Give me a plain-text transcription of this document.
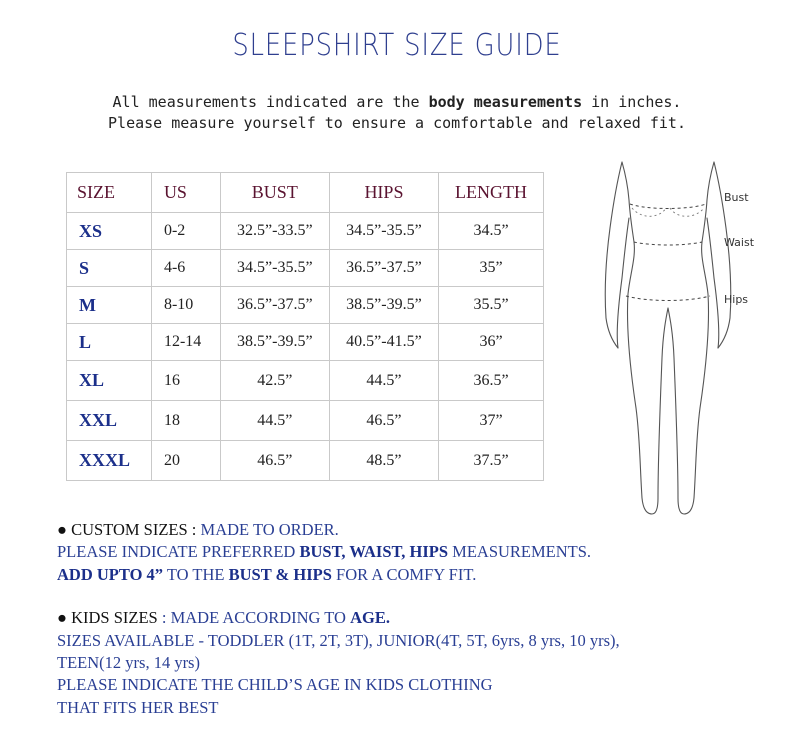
SLEEPSHIRT SIZE GUIDE
All measurements indicated are the body measurements in inches.
Please measure yourself to ensure a comfortable and relaxed fit.
SIZE	US	BUST	HIPS	LENGTH
XS	0-2	32.5”-33.5”	34.5”-35.5”	34.5”
S	4-6	34.5”-35.5”	36.5”-37.5”	35”
M	8-10	36.5”-37.5”	38.5”-39.5”	35.5”
L	12-14	38.5”-39.5”	40.5”-41.5”	36”
XL	16	42.5”	44.5”	36.5”
XXL	18	44.5”	46.5”	37”
XXXL	20	46.5”	48.5”	37.5”
Bust
Waist
Hips
● CUSTOM SIZES : MADE TO ORDER.
PLEASE INDICATE PREFERRED BUST, WAIST, HIPS MEASUREMENTS.
ADD UPTO 4” TO THE BUST & HIPS FOR A COMFY FIT.
● KIDS SIZES : MADE ACCORDING TO AGE.
SIZES AVAILABLE - TODDLER (1T, 2T, 3T), JUNIOR(4T, 5T, 6yrs, 8 yrs, 10 yrs),
TEEN(12 yrs, 14 yrs)
PLEASE INDICATE THE CHILD’S AGE IN KIDS CLOTHING
THAT FITS HER BEST
